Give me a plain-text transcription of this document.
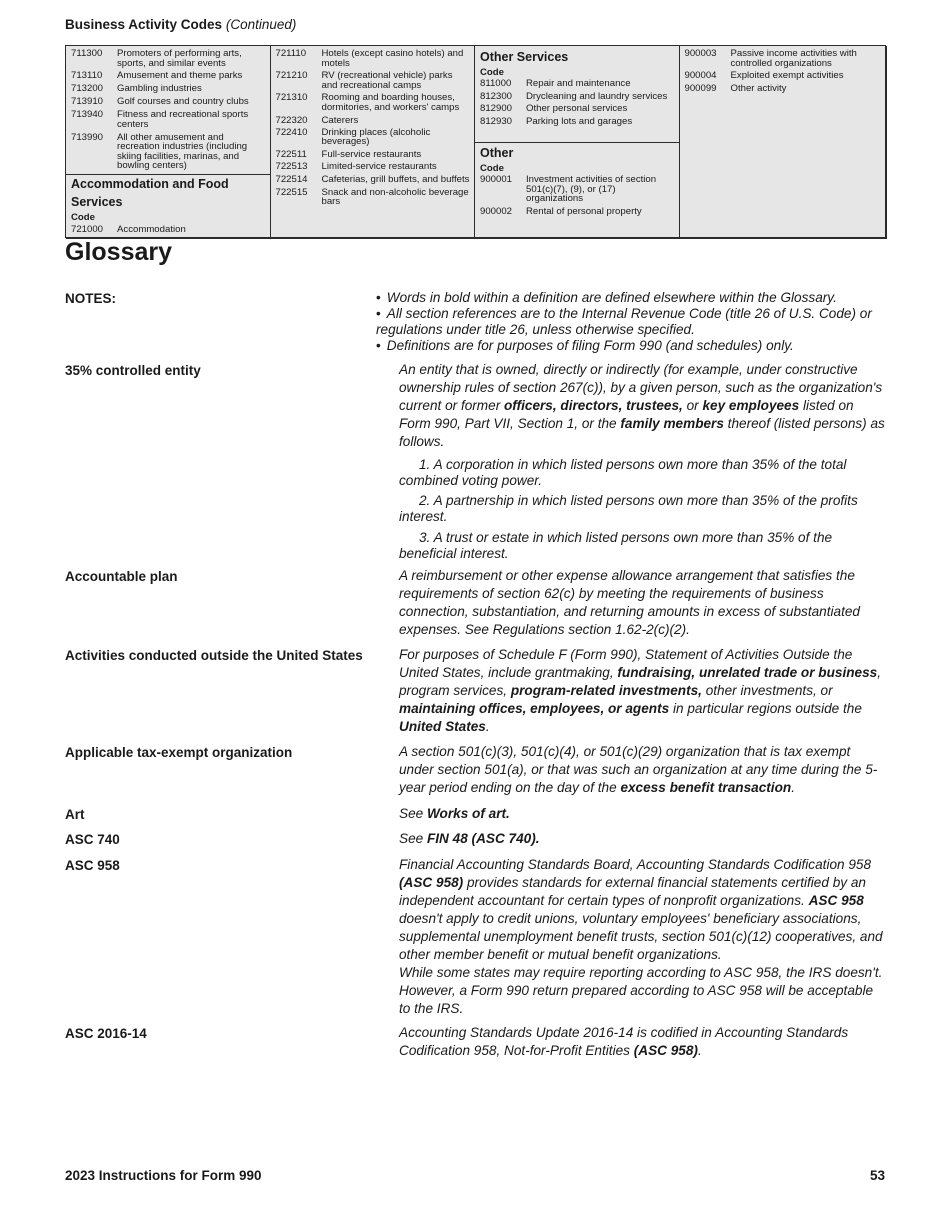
Business Activity Codes (Continued)
711300	Promoters of performing arts, sports, and similar events
713110	Amusement and theme parks
713200	Gambling industries
713910	Golf courses and country clubs
713940	Fitness and recreational sports centers
713990	All other amusement and recreation industries (including skiing facilities, marinas, and bowling centers)
Accommodation and Food Services
Code
721000	Accommodation
721110	Hotels (except casino hotels) and motels
721210	RV (recreational vehicle) parks and recreational camps
721310	Rooming and boarding houses, dormitories, and workers' camps
722320	Caterers
722410	Drinking places (alcoholic beverages)
722511	Full-service restaurants
722513	Limited-service restaurants
722514	Cafeterias, grill buffets, and buffets
722515	Snack and non-alcoholic beverage bars
Other Services
Code
811000	Repair and maintenance
812300	Drycleaning and laundry services
812900	Other personal services
812930	Parking lots and garages
Other
Code
900001	Investment activities of section 501(c)(7), (9), or (17) organizations
900002	Rental of personal property
900003	Passive income activities with controlled organizations
900004	Exploited exempt activities
900099	Other activity
Glossary
NOTES:	• Words in bold within a definition are defined elsewhere within the Glossary.
• All section references are to the Internal Revenue Code (title 26 of U.S. Code) or regulations under title 26, unless otherwise specified.
• Definitions are for purposes of filing Form 990 (and schedules) only.
35% controlled entity	An entity that is owned, directly or indirectly (for example, under constructive ownership rules of section 267(c)), by a given person, such as the organization's current or former officers, directors, trustees, or key employees listed on Form 990, Part VII, Section 1, or the family members thereof (listed persons) as follows.

1. A corporation in which listed persons own more than 35% of the total combined voting power.

2. A partnership in which listed persons own more than 35% of the profits interest.

3. A trust or estate in which listed persons own more than 35% of the beneficial interest.

Accountable plan	A reimbursement or other expense allowance arrangement that satisfies the requirements of section 62(c) by meeting the requirements of business connection, substantiation, and returning amounts in excess of substantiated expenses. See Regulations section 1.62-2(c)(2).
Activities conducted outside the United States	For purposes of Schedule F (Form 990), Statement of Activities Outside the United States, include grantmaking, fundraising, unrelated trade or business, program services, program-related investments, other investments, or maintaining offices, employees, or agents in particular regions outside the United States.
Applicable tax-exempt organization	A section 501(c)(3), 501(c)(4), or 501(c)(29) organization that is tax exempt under section 501(a), or that was such an organization at any time during the 5-year period ending on the day of the excess benefit transaction.
Art	See Works of art.
ASC 740	See FIN 48 (ASC 740).
ASC 958	Financial Accounting Standards Board, Accounting Standards Codification 958 (ASC 958) provides standards for external financial statements certified by an independent accountant for certain types of nonprofit organizations. ASC 958 doesn't apply to credit unions, voluntary employees' beneficiary associations, supplemental unemployment benefit trusts, section 501(c)(12) cooperatives, and other member benefit or mutual benefit organizations.

While some states may require reporting according to ASC 958, the IRS doesn't. However, a Form 990 return prepared according to ASC 958 will be acceptable to the IRS.

ASC 2016-14	Accounting Standards Update 2016-14 is codified in Accounting Standards Codification 958, Not-for-Profit Entities (ASC 958).
2023 Instructions for Form 990	53
